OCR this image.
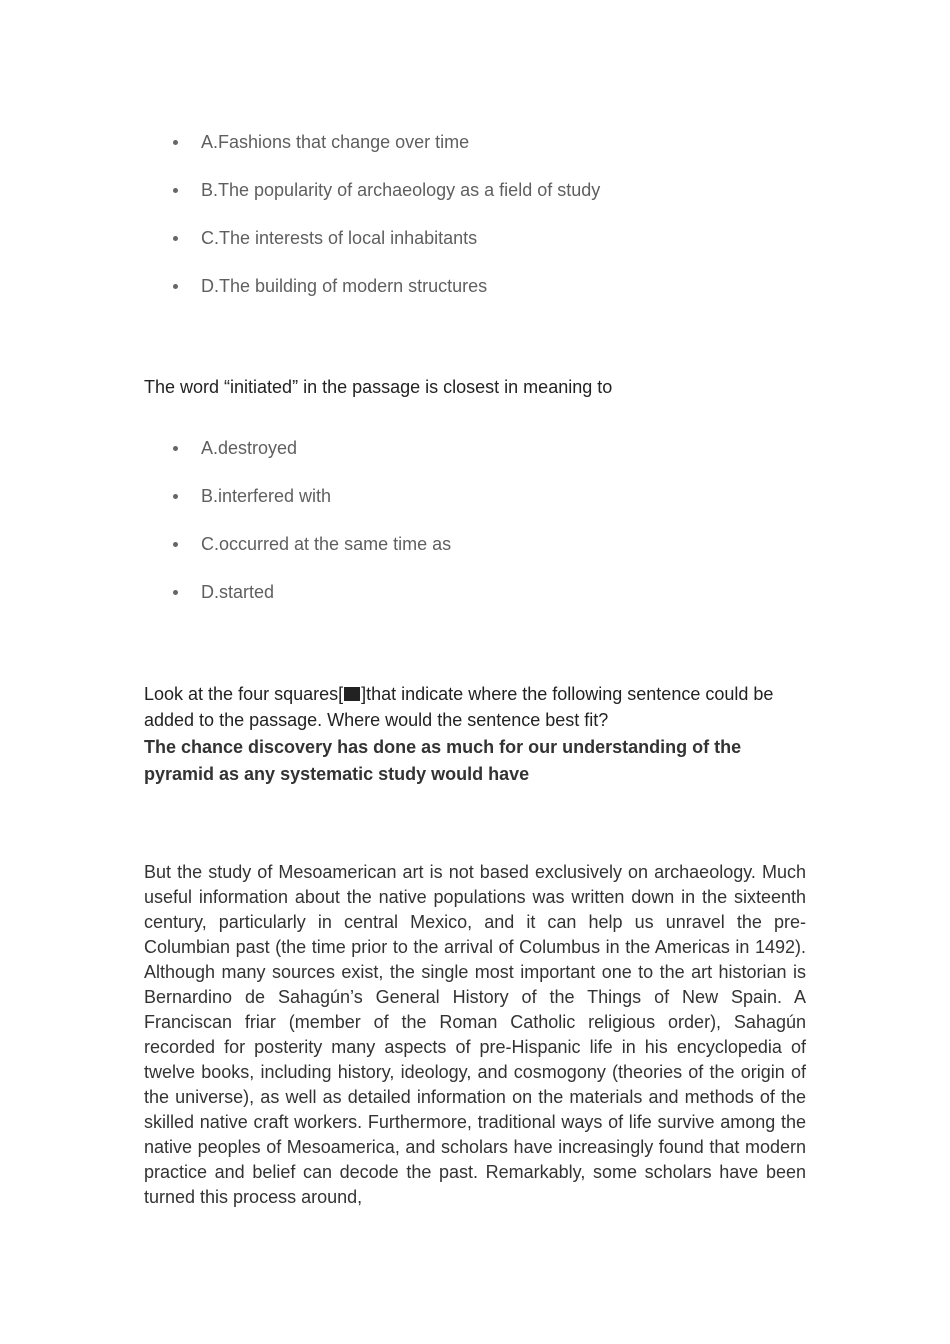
A.Fashions that change over time
B.The popularity of archaeology as a field of study
C.The interests of local inhabitants
D.The building of modern structures

The word “initiated” in the passage is closest in meaning to

A.destroyed
B.interfered with
C.occurred at the same time as
D.started

Look at the four squares[ ]that indicate where the following sentence could be added to the passage. Where would the sentence best fit?

The chance discovery has done as much for our understanding of the pyramid as any systematic study would have

But the study of Mesoamerican art is not based exclusively on archaeology. Much useful information about the native populations was written down in the sixteenth century, particularly in central Mexico, and it can help us unravel the pre-Columbian past (the time prior to the arrival of Columbus in the Americas in 1492). Although many sources exist, the single most important one to the art historian is Bernardino de Sahagún’s General History of the Things of New Spain. A Franciscan friar (member of the Roman Catholic religious order), Sahagún recorded for posterity many aspects of pre-Hispanic life in his encyclopedia of twelve books, including history, ideology, and cosmogony (theories of the origin of the universe), as well as detailed information on the materials and methods of the skilled native craft workers. Furthermore, traditional ways of life survive among the native peoples of Mesoamerica, and scholars have increasingly found that modern practice and belief can decode the past. Remarkably, some scholars have been turned this process around,
